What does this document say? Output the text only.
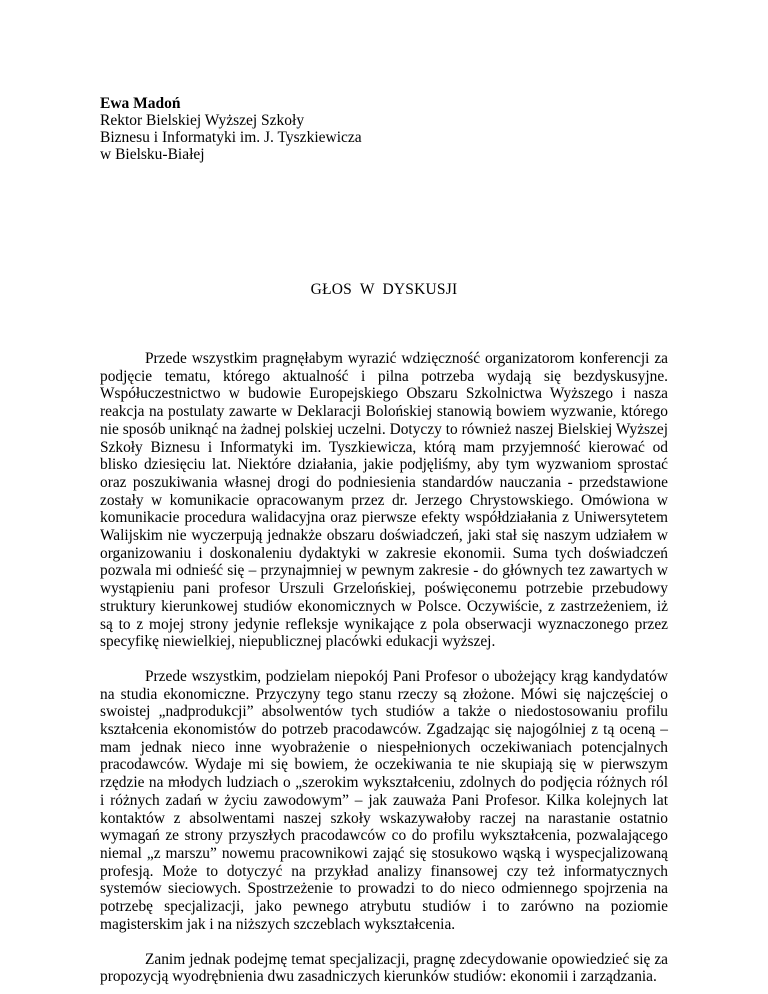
Ewa Madoń
Rektor Bielskiej Wyższej Szkoły
Biznesu i Informatyki im. J. Tyszkiewicza
w Bielsku-Białej
GŁOS  W  DYSKUSJI

Przede wszystkim pragnęłabym wyrazić wdzięczność organizatorom konferencji za podjęcie tematu, którego aktualność i pilna potrzeba wydają się bezdyskusyjne. Współuczestnictwo w budowie Europejskiego Obszaru Szkolnictwa Wyższego i nasza reakcja na postulaty zawarte w Deklaracji Bolońskiej stanowią bowiem wyzwanie, którego nie sposób uniknąć na żadnej polskiej uczelni. Dotyczy to również naszej Bielskiej Wyższej Szkoły Biznesu i Informatyki im. Tyszkiewicza, którą mam przyjemność kierować od blisko dziesięciu lat. Niektóre działania, jakie podjęliśmy, aby tym wyzwaniom sprostać oraz poszukiwania własnej drogi do podniesienia standardów nauczania - przedstawione zostały w komunikacie opracowanym przez dr. Jerzego Chrystowskiego. Omówiona w komunikacie procedura walidacyjna oraz pierwsze efekty współdziałania z Uniwersytetem Walijskim nie wyczerpują jednakże obszaru doświadczeń, jaki stał się naszym udziałem w organizowaniu i doskonaleniu dydaktyki w zakresie ekonomii. Suma tych doświadczeń pozwala mi odnieść się – przynajmniej w pewnym zakresie - do głównych tez zawartych w wystąpieniu pani profesor Urszuli Grzelońskiej, poświęconemu potrzebie przebudowy struktury kierunkowej studiów ekonomicznych w Polsce. Oczywiście, z zastrzeżeniem, iż są to z mojej strony jedynie refleksje wynikające z pola obserwacji wyznaczonego przez specyfikę niewielkiej, niepublicznej placówki edukacji wyższej.

Przede wszystkim, podzielam niepokój Pani Profesor o ubożejący krąg kandydatów na studia ekonomiczne. Przyczyny tego stanu rzeczy są złożone. Mówi się najczęściej o swoistej „nadprodukcji” absolwentów tych studiów a także o niedostosowaniu profilu kształcenia ekonomistów do potrzeb pracodawców. Zgadzając się najogólniej z tą oceną – mam jednak nieco inne wyobrażenie o niespełnionych oczekiwaniach potencjalnych pracodawców. Wydaje mi się bowiem, że oczekiwania te nie skupiają się w pierwszym rzędzie na młodych ludziach o „szerokim wykształceniu, zdolnych do podjęcia różnych ról i różnych zadań w życiu zawodowym” – jak zauważa Pani Profesor. Kilka kolejnych lat kontaktów z absolwentami naszej szkoły wskazywałoby raczej na narastanie ostatnio wymagań ze strony przyszłych pracodawców co do profilu wykształcenia, pozwalającego niemal „z marszu” nowemu pracownikowi zająć się stosukowo wąską i wyspecjalizowaną profesją. Może to dotyczyć na przykład analizy finansowej czy też informatycznych systemów sieciowych. Spostrzeżenie to prowadzi to do nieco odmiennego spojrzenia na potrzebę specjalizacji, jako pewnego atrybutu studiów i to zarówno na poziomie magisterskim jak i na niższych szczeblach wykształcenia.

Zanim jednak podejmę temat specjalizacji, pragnę zdecydowanie opowiedzieć się za propozycją wyodrębnienia dwu zasadniczych kierunków studiów: ekonomii i zarządzania.
